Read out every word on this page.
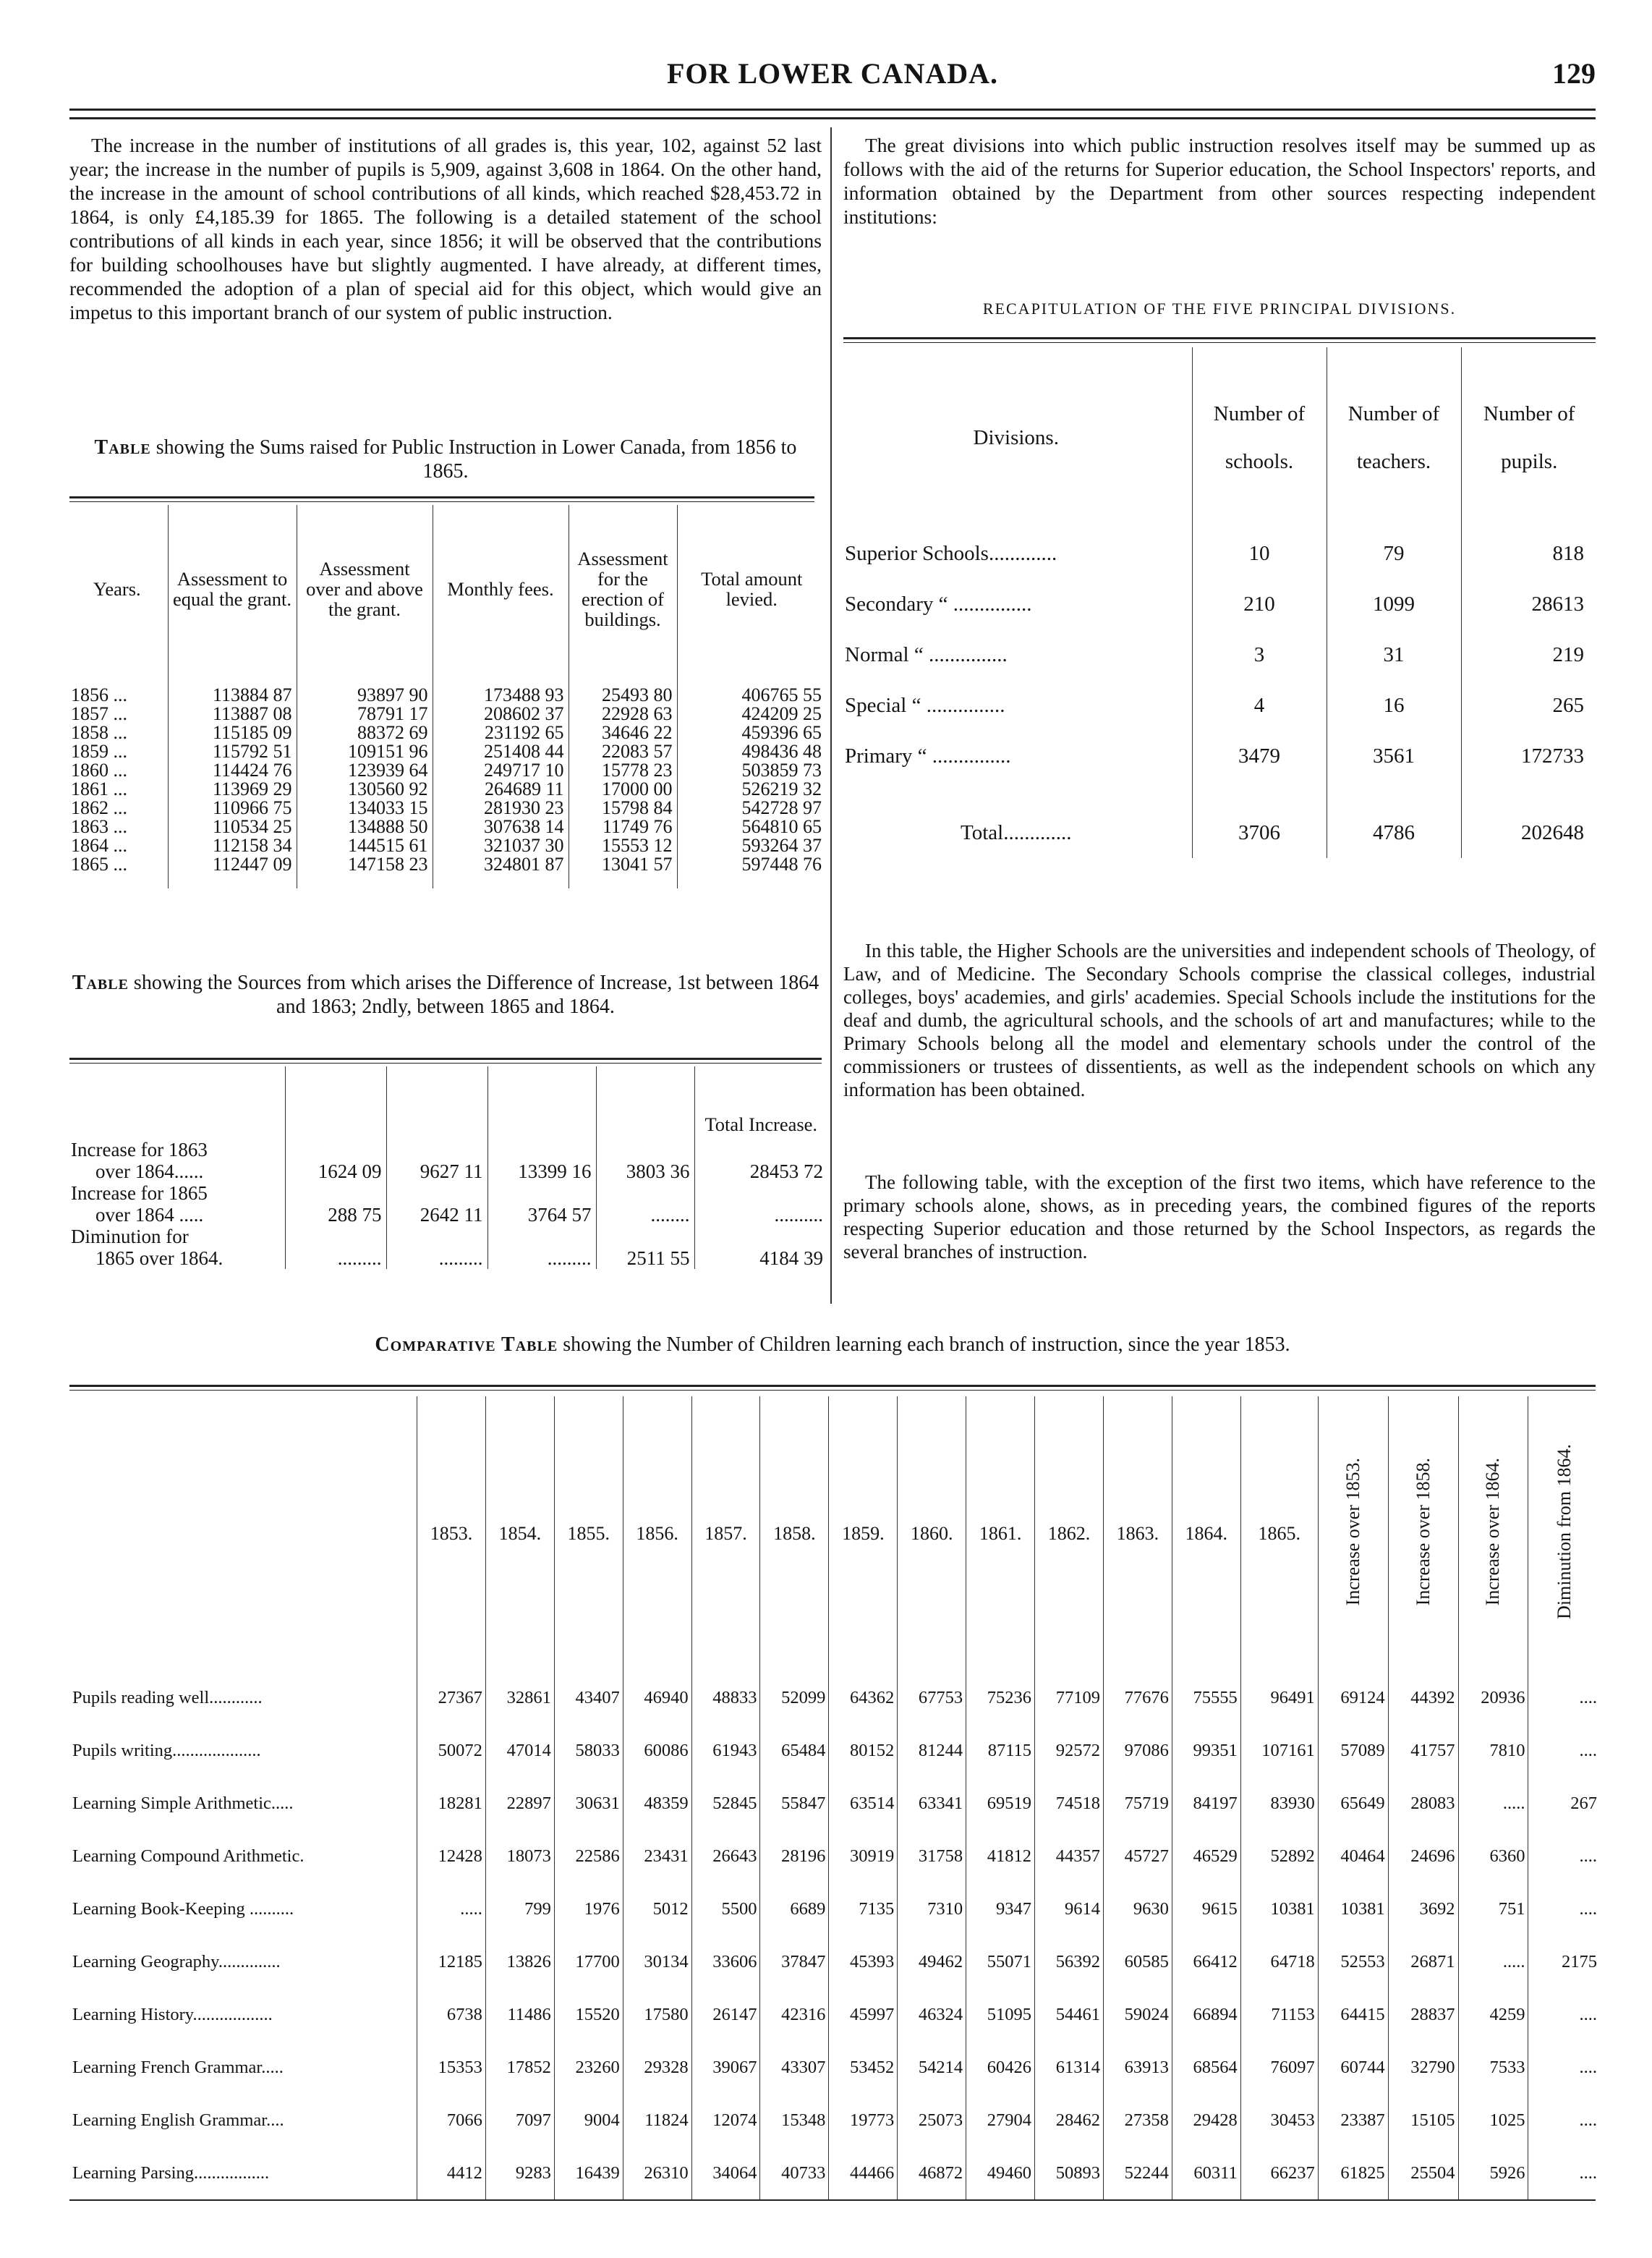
FOR LOWER CANADA.	129

The increase in the number of institutions of all grades is, this year, 102, against 52 last year; the increase in the number of pupils is 5,909, against 3,608 in 1864. On the other hand, the increase in the amount of school contributions of all kinds, which reached $28,453.72 in 1864, is only £4,185.39 for 1865. The following is a detailed statement of the school contributions of all kinds in each year, since 1856; it will be observed that the contributions for building schoolhouses have but slightly augmented. I have already, at different times, recommended the adoption of a plan of special aid for this object, which would give an impetus to this important branch of our system of public instruction.

Table showing the Sums raised for Public Instruction in Lower Canada, from 1856 to 1865.

Years.	Assessment to equal the grant.	Assessment over and above the grant.	Monthly fees.	Assessment for the erection of buildings.	Total amount levied.
1856 ...	113884 87	93897 90	173488 93	25493 80	406765 55
1857 ...	113887 08	78791 17	208602 37	22928 63	424209 25
1858 ...	115185 09	88372 69	231192 65	34646 22	459396 65
1859 ...	115792 51	109151 96	251408 44	22083 57	498436 48
1860 ...	114424 76	123939 64	249717 10	15778 23	503859 73
1861 ...	113969 29	130560 92	264689 11	17000 00	526219 32
1862 ...	110966 75	134033 15	281930 23	15798 84	542728 97
1863 ...	110534 25	134888 50	307638 14	11749 76	564810 65
1864 ...	112158 34	144515 61	321037 30	15553 12	593264 37
1865 ...	112447 09	147158 23	324801 87	13041 57	597448 76

Table showing the Sources from which arises the Difference of Increase, 1st between 1864 and 1863; 2ndly, between 1865 and 1864.

					Total Increase.
Increase for 1863					
over 1864......	1624 09	9627 11	13399 16	3803 36	28453 72
Increase for 1865					
over 1864 .....	288 75	2642 11	3764 57	........	..........
Diminution for					
1865 over 1864.	.........	.........	.........	2511 55	4184 39

The great divisions into which public instruction resolves itself may be summed up as follows with the aid of the returns for Superior education, the School Inspectors' reports, and information obtained by the Department from other sources respecting independent institutions:

RECAPITULATION OF THE FIVE PRINCIPAL DIVISIONS.

Divisions.	Number of schools.	Number of teachers.	Number of pupils.
Superior Schools.............	10	79	818
Secondary “ ...............	210	1099	28613
Normal “ ...............	3	31	219
Special “ ...............	4	16	265
Primary “ ...............	3479	3561	172733

Total.............	3706	4786	202648

In this table, the Higher Schools are the universities and independent schools of Theology, of Law, and of Medicine. The Secondary Schools comprise the classical colleges, industrial colleges, boys' academies, and girls' academies. Special Schools include the institutions for the deaf and dumb, the agricultural schools, and the schools of art and manufactures; while to the Primary Schools belong all the model and elementary schools under the control of the commissioners or trustees of dissentients, as well as the independent schools on which any information has been obtained.

The following table, with the exception of the first two items, which have reference to the primary schools alone, shows, as in preceding years, the combined figures of the reports respecting Superior education and those returned by the School Inspectors, as regards the several branches of instruction.

Comparative Table showing the Number of Children learning each branch of instruction, since the year 1853.

	1853.	1854.	1855.	1856.	1857.	1858.	1859.	1860.	1861.	1862.	1863.	1864.	1865.	Increase over 1853.	Increase over 1858.	Increase over 1864.	Diminution from 1864.
Pupils reading well............	27367	32861	43407	46940	48833	52099	64362	67753	75236	77109	77676	75555	96491	69124	44392	20936	....
Pupils writing....................	50072	47014	58033	60086	61943	65484	80152	81244	87115	92572	97086	99351	107161	57089	41757	7810	....
Learning Simple Arithmetic.....	18281	22897	30631	48359	52845	55847	63514	63341	69519	74518	75719	84197	83930	65649	28083	.....	267
Learning Compound Arithmetic.	12428	18073	22586	23431	26643	28196	30919	31758	41812	44357	45727	46529	52892	40464	24696	6360	....
Learning Book-Keeping ..........	.....	799	1976	5012	5500	6689	7135	7310	9347	9614	9630	9615	10381	10381	3692	751	....
Learning Geography..............	12185	13826	17700	30134	33606	37847	45393	49462	55071	56392	60585	66412	64718	52553	26871	.....	2175
Learning History..................	6738	11486	15520	17580	26147	42316	45997	46324	51095	54461	59024	66894	71153	64415	28837	4259	....
Learning French Grammar.....	15353	17852	23260	29328	39067	43307	53452	54214	60426	61314	63913	68564	76097	60744	32790	7533	....
Learning English Grammar....	7066	7097	9004	11824	12074	15348	19773	25073	27904	28462	27358	29428	30453	23387	15105	1025	....
Learning Parsing.................	4412	9283	16439	26310	34064	40733	44466	46872	49460	50893	52244	60311	66237	61825	25504	5926	....
